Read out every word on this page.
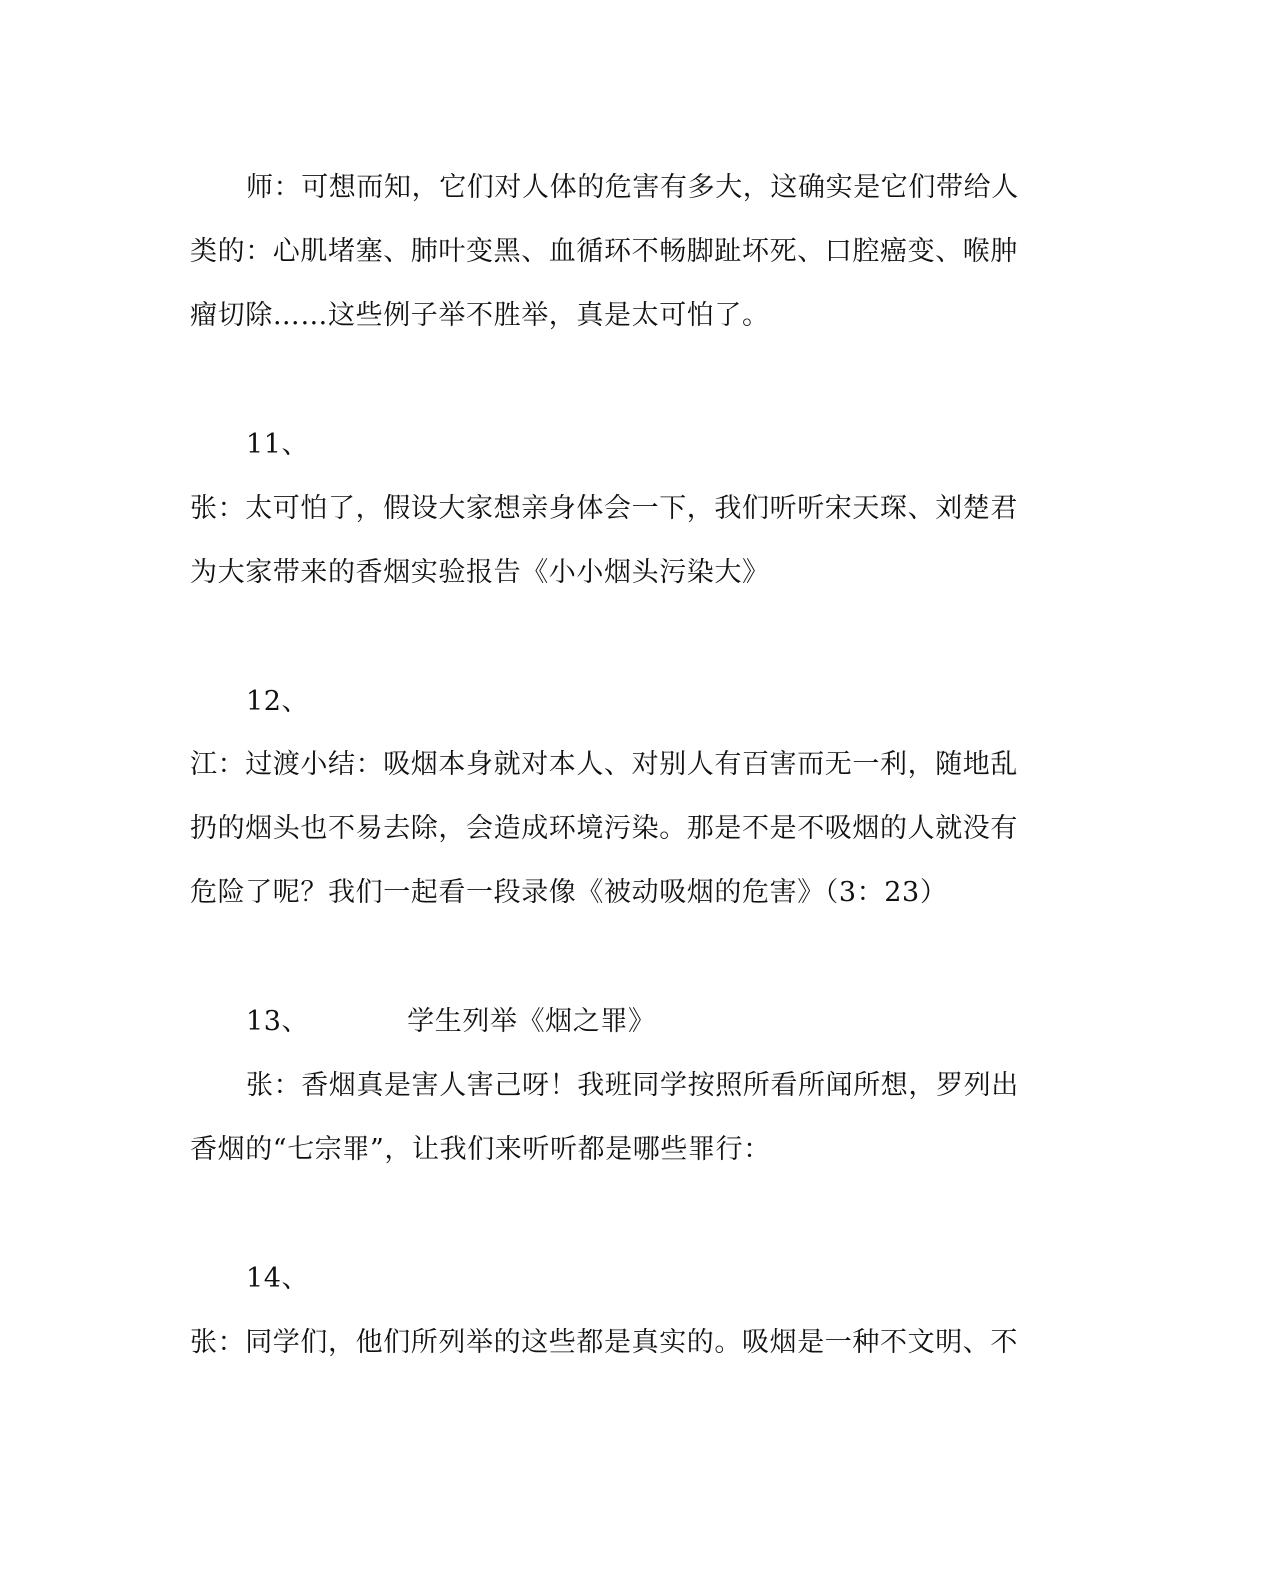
师：可想而知，它们对人体的危害有多大，这确实是它们带给人
类的：心肌堵塞、肺叶变黑、血循环不畅脚趾坏死、口腔癌变、喉肿
瘤切除……这些例子举不胜举，真是太可怕了。
11、
张：太可怕了，假设大家想亲身体会一下，我们听听宋天琛、刘楚君
为大家带来的香烟实验报告《小小烟头污染大》
12、
江：过渡小结：吸烟本身就对本人、对别人有百害而无一利，随地乱
扔的烟头也不易去除，会造成环境污染。那是不是不吸烟的人就没有
危险了呢？我们一起看一段录像《被动吸烟的危害》（3：23）
13、	学生列举《烟之罪》
张：香烟真是害人害己呀！我班同学按照所看所闻所想，罗列出
香烟的“七宗罪”，让我们来听听都是哪些罪行：
14、
张：同学们，他们所列举的这些都是真实的。吸烟是一种不文明、不
